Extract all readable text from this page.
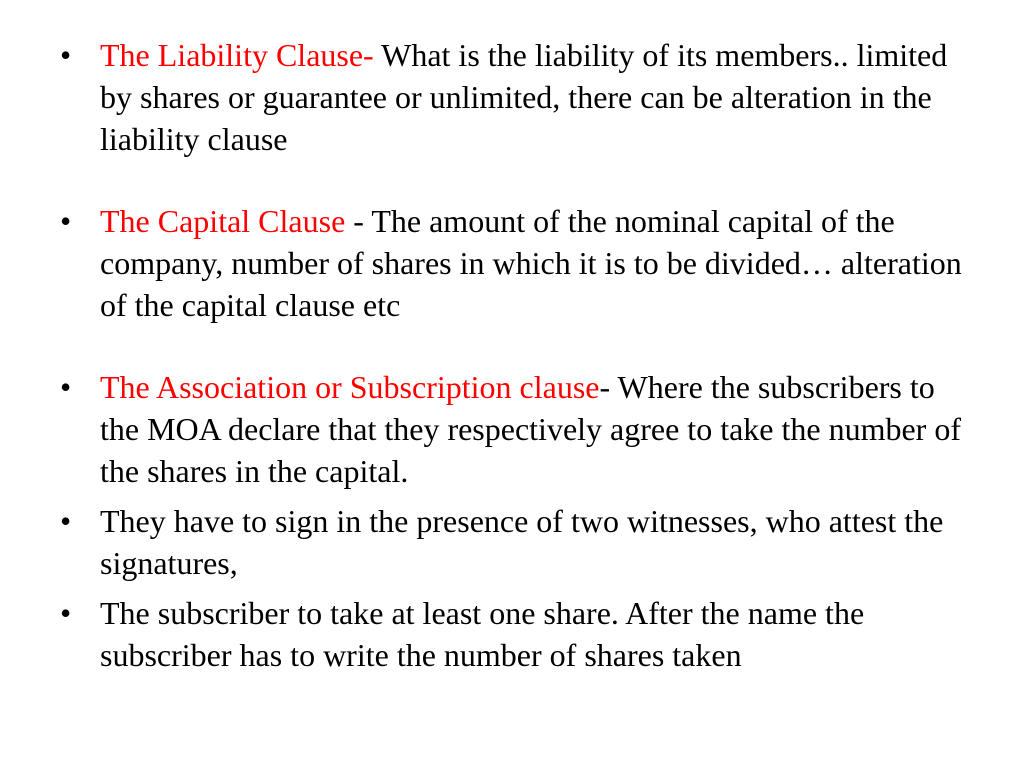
• The Liability Clause- What is the liability of its members.. limited by shares or guarantee or unlimited, there can be alteration in the liability clause
• The Capital Clause - The amount of the nominal capital of the company, number of shares in which it is to be divided… alteration of the capital clause etc
• The Association or Subscription clause- Where the subscribers to the MOA declare that they respectively agree to take the number of the shares in the capital.
• They have to sign in the presence of two witnesses, who attest the signatures,
• The subscriber to take at least one share. After the name the subscriber has to write the number of shares taken
